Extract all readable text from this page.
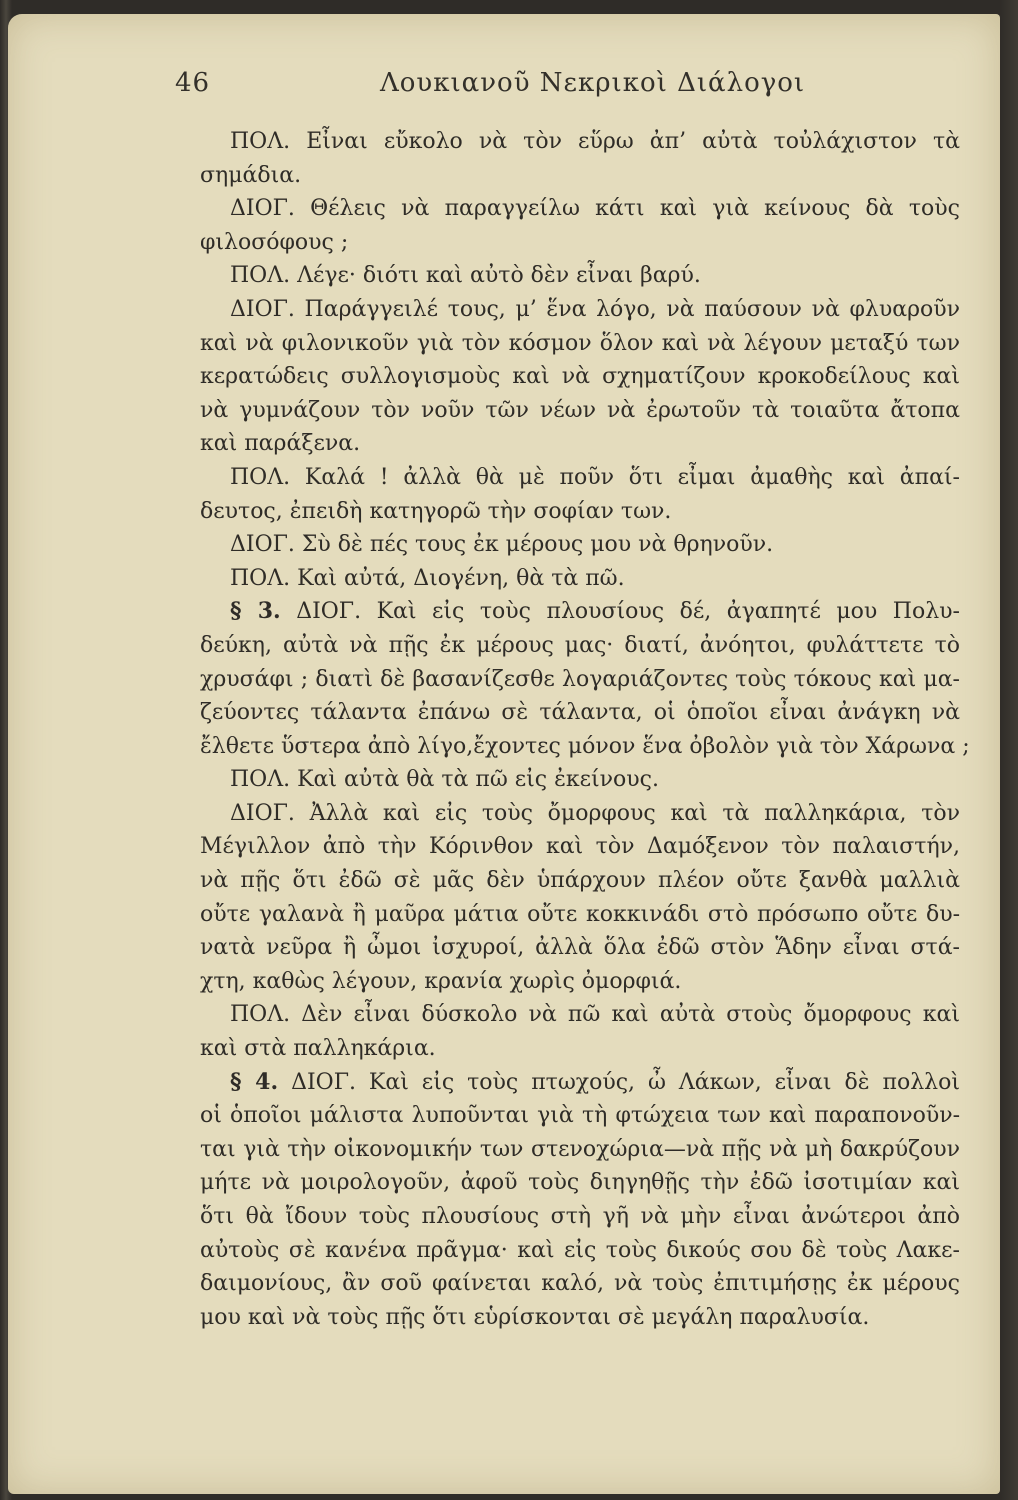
46	Λουκιανοῦ Νεκρικοὶ Διάλογοι
ΠΟΛ. Εἶναι εὔκολο νὰ τὸν εὕρω ἀπ’ αὐτὰ τοὐλάχιστον τὰ
σημάδια.
ΔΙΟΓ. Θέλεις νὰ παραγγείλω κάτι καὶ γιὰ κείνους δὰ τοὺς
φιλοσόφους ;
ΠΟΛ. Λέγε· διότι καὶ αὐτὸ δὲν εἶναι βαρύ.
ΔΙΟΓ. Παράγγειλέ τους, μ’ ἕνα λόγο, νὰ παύσουν νὰ φλυαροῦν
καὶ νὰ φιλονικοῦν γιὰ τὸν κόσμον ὅλον καὶ νὰ λέγουν μεταξύ των
κερατώδεις συλλογισμοὺς καὶ νὰ σχηματίζουν κροκοδείλους καὶ
νὰ γυμνάζουν τὸν νοῦν τῶν νέων νὰ ἐρωτοῦν τὰ τοιαῦτα ἄτοπα
καὶ παράξενα.
ΠΟΛ. Καλά ! ἀλλὰ θὰ μὲ ποῦν ὅτι εἶμαι ἀμαθὴς καὶ ἀπαί-
δευτος, ἐπειδὴ κατηγορῶ τὴν σοφίαν των.
ΔΙΟΓ. Σὺ δὲ πές τους ἐκ μέρους μου νὰ θρηνοῦν.
ΠΟΛ. Καὶ αὐτά, Διογένη, θὰ τὰ πῶ.
§ 3. ΔΙΟΓ. Καὶ εἰς τοὺς πλουσίους δέ, ἀγαπητέ μου Πολυ-
δεύκη, αὐτὰ νὰ πῇς ἐκ μέρους μας· διατί, ἀνόητοι, φυλάττετε τὸ
χρυσάφι ; διατὶ δὲ βασανίζεσθε λογαριάζοντες τοὺς τόκους καὶ μα-
ζεύοντες τάλαντα ἐπάνω σὲ τάλαντα, οἱ ὁποῖοι εἶναι ἀνάγκη νὰ
ἔλθετε ὕστερα ἀπὸ λίγο,ἔχοντες μόνον ἕνα ὀβολὸν γιὰ τὸν Χάρωνα ;
ΠΟΛ. Καὶ αὐτὰ θὰ τὰ πῶ εἰς ἐκείνους.
ΔΙΟΓ. Ἀλλὰ καὶ εἰς τοὺς ὄμορφους καὶ τὰ παλληκάρια, τὸν
Μέγιλλον ἀπὸ τὴν Κόρινθον καὶ τὸν Δαμόξενον τὸν παλαιστήν,
νὰ πῇς ὅτι ἐδῶ σὲ μᾶς δὲν ὑπάρχουν πλέον οὔτε ξανθὰ μαλλιὰ
οὔτε γαλανὰ ἢ μαῦρα μάτια οὔτε κοκκινάδι στὸ πρόσωπο οὔτε δυ-
νατὰ νεῦρα ἢ ὦμοι ἰσχυροί, ἀλλὰ ὅλα ἐδῶ στὸν Ἅδην εἶναι στά-
χτη, καθὼς λέγουν, κρανία χωρὶς ὀμορφιά.
ΠΟΛ. Δὲν εἶναι δύσκολο νὰ πῶ καὶ αὐτὰ στοὺς ὄμορφους καὶ
καὶ στὰ παλληκάρια.
§ 4. ΔΙΟΓ. Καὶ εἰς τοὺς πτωχούς, ὦ Λάκων, εἶναι δὲ πολλοὶ
οἱ ὁποῖοι μάλιστα λυποῦνται γιὰ τὴ φτώχεια των καὶ παραπονοῦν-
ται γιὰ τὴν οἰκονομικήν των στενοχώρια—νὰ πῇς νὰ μὴ δακρύζουν
μήτε νὰ μοιρολογοῦν, ἀφοῦ τοὺς διηγηθῇς τὴν ἐδῶ ἰσοτιμίαν καὶ
ὅτι θὰ ἴδουν τοὺς πλουσίους στὴ γῆ νὰ μὴν εἶναι ἀνώτεροι ἀπὸ
αὐτοὺς σὲ κανένα πρᾶγμα· καὶ εἰς τοὺς δικούς σου δὲ τοὺς Λακε-
δαιμονίους, ἂν σοῦ φαίνεται καλό, νὰ τοὺς ἐπιτιμήσῃς ἐκ μέρους
μου καὶ νὰ τοὺς πῇς ὅτι εὑρίσκονται σὲ μεγάλη παραλυσία.
